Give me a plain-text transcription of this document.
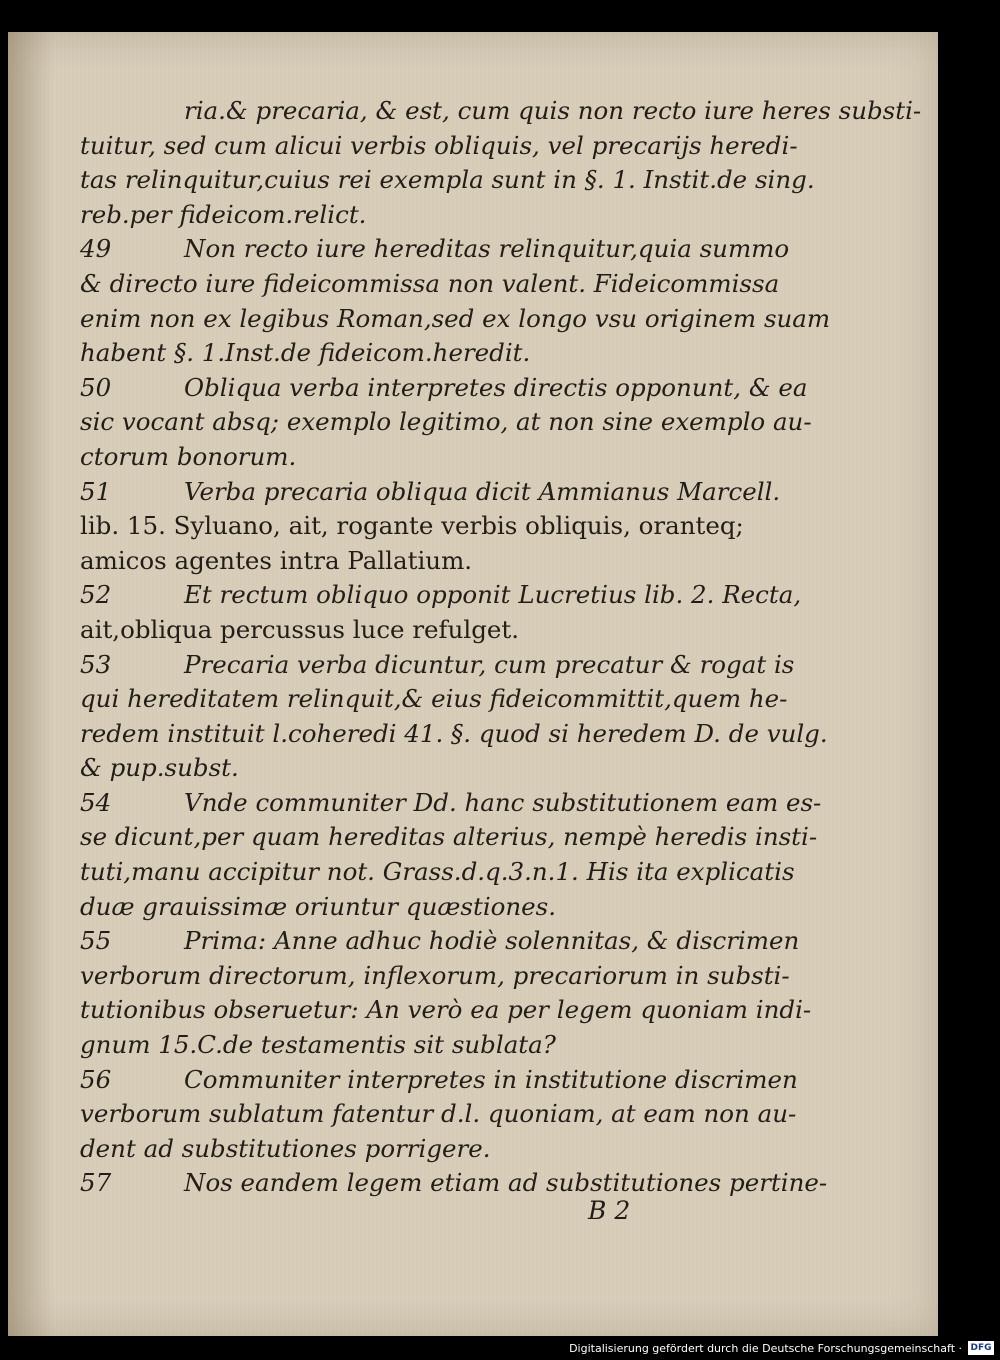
ria.& precaria, & est, cum quis non recto iure heres substi-
tuitur, sed cum alicui verbis obliquis, vel precarijs heredi-
tas relinquitur,cuius rei exempla sunt in §. 1. Instit.de sing.
reb.per fideicom.relict.
49	Non recto iure hereditas relinquitur,quia summo
& directo iure fideicommissa non valent. Fideicommissa
enim non ex legibus Roman,sed ex longo vsu originem suam
habent §. 1.Inst.de fideicom.heredit.
50	Obliqua verba interpretes directis opponunt, & ea
sic vocant absq; exemplo legitimo, at non sine exemplo au-
ctorum bonorum.
51	Verba precaria obliqua dicit Ammianus Marcell.
lib. 15. Syluano, ait, rogante verbis obliquis, oranteq;
amicos agentes intra Pallatium.
52	Et rectum obliquo opponit Lucretius lib. 2. Recta,
ait,obliqua percussus luce refulget.
53	Precaria verba dicuntur, cum precatur & rogat is
qui hereditatem relinquit,& eius fideicommittit,quem he-
redem instituit l.coheredi 41. §. quod si heredem D. de vulg.
& pup.subst.
54	Vnde communiter Dd. hanc substitutionem eam es-
se dicunt,per quam hereditas alterius, nempè heredis insti-
tuti,manu accipitur not. Grass.d.q.3.n.1. His ita explicatis
duæ grauissimæ oriuntur quæstiones.
55	Prima: Anne adhuc hodiè solennitas, & discrimen
verborum directorum, inflexorum, precariorum in substi-
tutionibus obseruetur: An verò ea per legem quoniam indi-
gnum 15.C.de testamentis sit sublata?
56	Communiter interpretes in institutione discrimen
verborum sublatum fatentur d.l. quoniam, at eam non au-
dent ad substitutiones porrigere.
57	Nos eandem legem etiam ad substitutiones pertine-
B 2
Digitalisierung gefördert durch die Deutsche Forschungsgemeinschaft · DFG
